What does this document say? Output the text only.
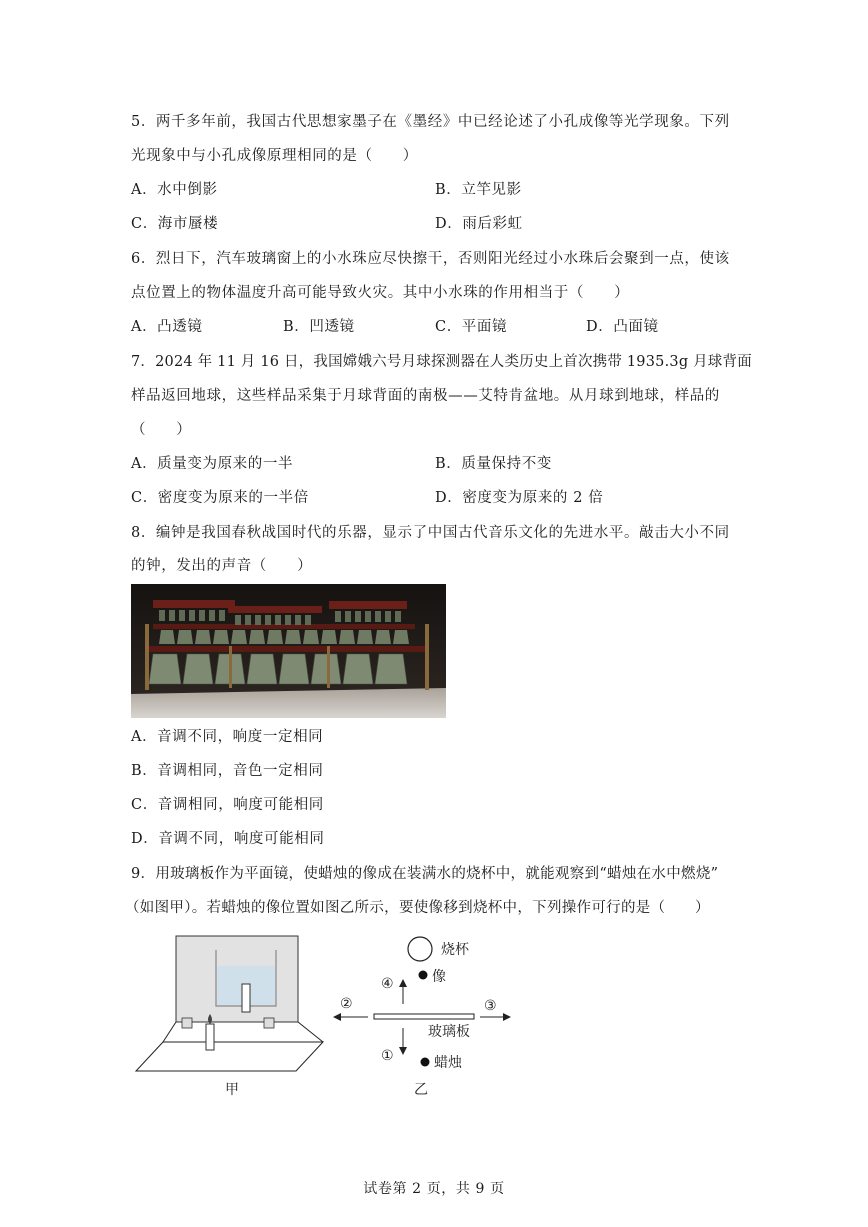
5．两千多年前，我国古代思想家墨子在《墨经》中已经论述了小孔成像等光学现象。下列
光现象中与小孔成像原理相同的是（　　）
A．水中倒影	B．立竿见影
C．海市蜃楼	D．雨后彩虹
6．烈日下，汽车玻璃窗上的小水珠应尽快擦干，否则阳光经过小水珠后会聚到一点，使该
点位置上的物体温度升高可能导致火灾。其中小水珠的作用相当于（　　）
A．凸透镜	B．凹透镜	C．平面镜	D．凸面镜
7．2024 年 11 月 16 日，我国嫦娥六号月球探测器在人类历史上首次携带 1935.3g 月球背面
样品返回地球，这些样品采集于月球背面的南极——艾特肯盆地。从月球到地球，样品的
（　　）
A．质量变为原来的一半	B．质量保持不变
C．密度变为原来的一半倍	D．密度变为原来的 2 倍
8．编钟是我国春秋战国时代的乐器，显示了中国古代音乐文化的先进水平。敲击大小不同
的钟，发出的声音（　　）
A．音调不同，响度一定相同
B．音调相同，音色一定相同
C．音调相同，响度可能相同
D．音调不同，响度可能相同
9．用玻璃板作为平面镜，使蜡烛的像成在装满水的烧杯中，就能观察到“蜡烛在水中燃烧”
（如图甲）。若蜡烛的像位置如图乙所示，要使像移到烧杯中，下列操作可行的是（　　）
甲
烧杯
像
玻璃板
蜡烛
①
②	③
④
乙
试卷第 2 页，共 9 页
